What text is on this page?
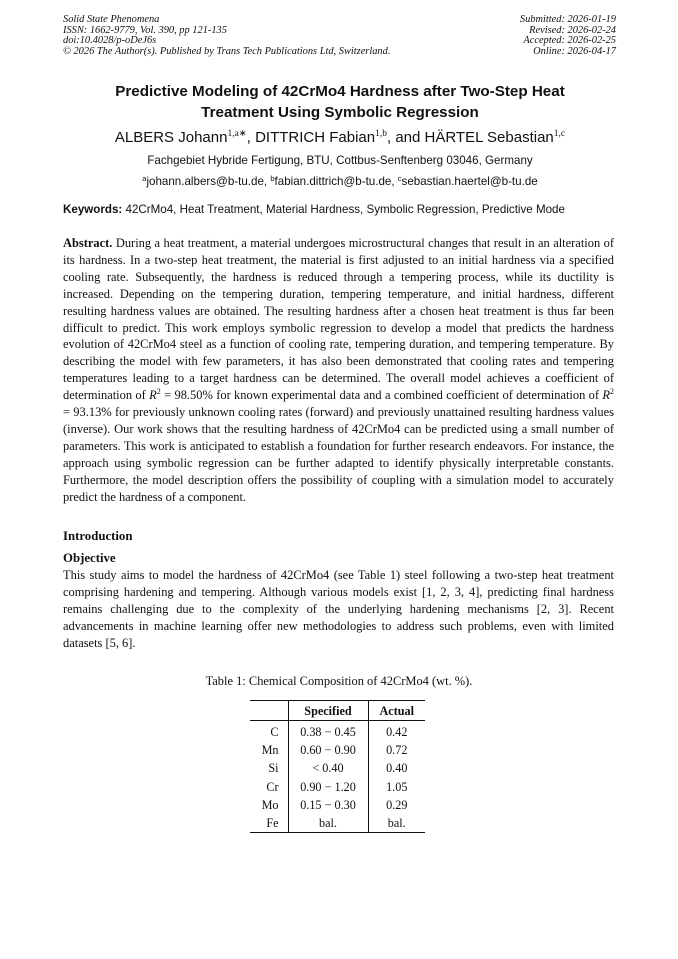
Solid State Phenomena
ISSN: 1662-9779, Vol. 390, pp 121-135
doi:10.4028/p-oDeJ6s
© 2026 The Author(s). Published by Trans Tech Publications Ltd, Switzerland.
Submitted: 2026-01-19
Revised: 2026-02-24
Accepted: 2026-02-25
Online: 2026-04-17
Predictive Modeling of 42CrMo4 Hardness after Two-Step Heat
Treatment Using Symbolic Regression
ALBERS Johann$^{1,a∗}$, DITTRICH Fabian$^{1,b}$, and HÄRTEL Sebastian$^{1,c}$
Fachgebiet Hybride Fertigung, BTU, Cottbus-Senftenberg 03046, Germany
$^a$johann.albers@b-tu.de, $^b$fabian.dittrich@b-tu.de, $^c$sebastian.haertel@b-tu.de
Keywords: 42CrMo4, Heat Treatment, Material Hardness, Symbolic Regression, Predictive Mode
Abstract. During a heat treatment, a material undergoes microstructural changes that result in an alteration of its hardness. In a two-step heat treatment, the material is first adjusted to an initial hardness via a specified cooling rate. Subsequently, the hardness is reduced through a tempering process, while its ductility is increased. Depending on the tempering duration, tempering temperature, and initial hardness, different resulting hardness values are obtained. The resulting hardness after a chosen heat treatment is thus far been difficult to predict. This work employs symbolic regression to develop a model that predicts the hardness evolution of 42CrMo4 steel as a function of cooling rate, tempering duration, and tempering temperature. By describing the model with few parameters, it has also been demonstrated that cooling rates and tempering temperatures leading to a target hardness can be determined. The overall model achieves a coefficient of determination of $R^2 = 98.50\%$ for known experimental data and a combined coefficient of determination of $R^2 = 93.13\%$ for previously unknown cooling rates (forward) and previously unattained resulting hardness values (inverse). Our work shows that the resulting hardness of 42CrMo4 can be predicted using a small number of parameters. This work is anticipated to establish a foundation for further research endeavors. For instance, the approach using symbolic regression can be further adapted to identify physically interpretable constants. Furthermore, the model description offers the possibility of coupling with a simulation model to accurately predict the hardness of a component.
Introduction
Objective
This study aims to model the hardness of 42CrMo4 (see Table 1) steel following a two-step heat treatment comprising hardening and tempering. Although various models exist [1, 2, 3, 4], predicting final hardness remains challenging due to the complexity of the underlying hardening mechanisms [2, 3]. Recent advancements in machine learning offer new methodologies to address such problems, even with limited datasets [5, 6].
Table 1: Chemical Composition of 42CrMo4 (wt. %).
	Specified	Actual
C	0.38 − 0.45	0.42
Mn	0.60 − 0.90	0.72
Si	< 0.40	0.40
Cr	0.90 − 1.20	1.05
Mo	0.15 − 0.30	0.29
Fe	bal.	bal.
